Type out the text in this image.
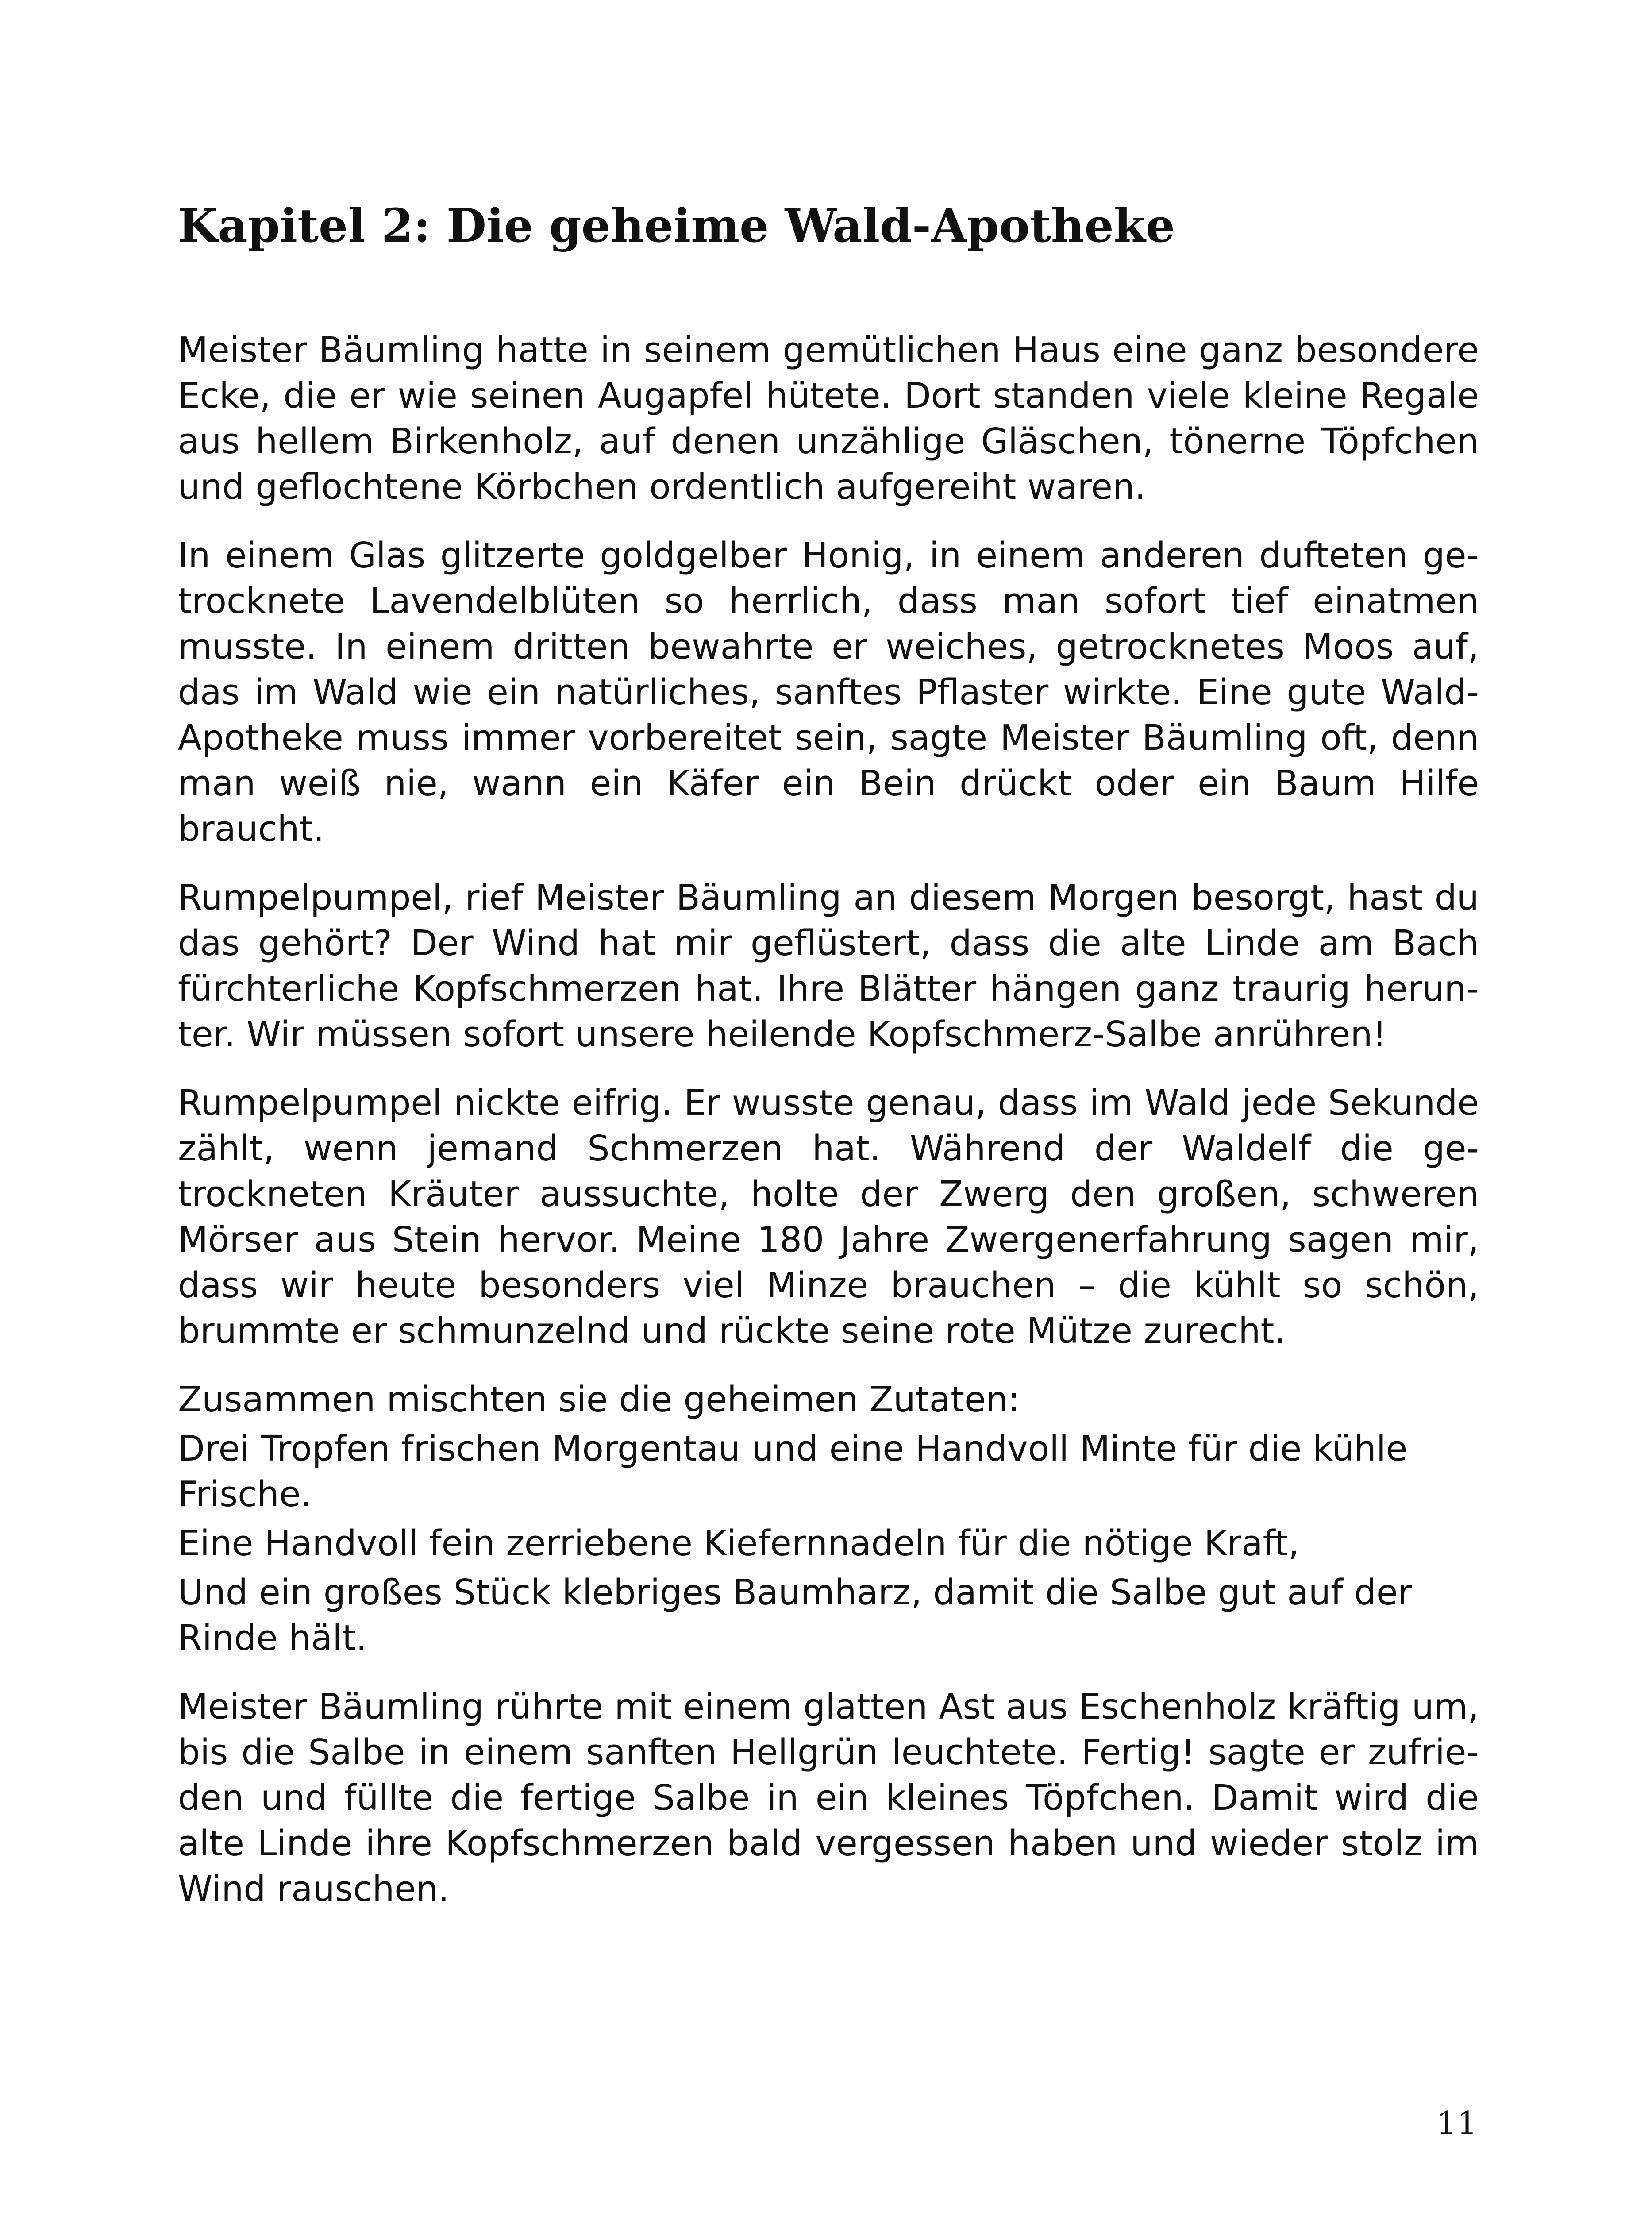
Kapitel 2: Die geheime Wald-Apotheke

Meister Bäumling hatte in seinem gemütlichen Haus eine ganz besondere Ecke, die er wie seinen Augapfel hütete. Dort standen viele kleine Regale aus hellem Birkenholz, auf denen unzählige Gläschen, tönerne Töpfchen und geflochtene Körbchen ordentlich aufgereiht waren.

In einem Glas glitzerte goldgelber Honig, in einem anderen dufteten getrocknete Lavendelblüten so herrlich, dass man sofort tief einatmen musste. In einem dritten bewahrte er weiches, getrocknetes Moos auf, das im Wald wie ein natürliches, sanftes Pflaster wirkte. Eine gute Wald-Apotheke muss immer vorbereitet sein, sagte Meister Bäumling oft, denn man weiß nie, wann ein Käfer ein Bein drückt oder ein Baum Hilfe braucht.

Rumpelpumpel, rief Meister Bäumling an diesem Morgen besorgt, hast du das gehört? Der Wind hat mir geflüstert, dass die alte Linde am Bach fürchterliche Kopfschmerzen hat. Ihre Blätter hängen ganz traurig herunter. Wir müssen sofort unsere heilende Kopfschmerz-Salbe anrühren!

Rumpelpumpel nickte eifrig. Er wusste genau, dass im Wald jede Sekunde zählt, wenn jemand Schmerzen hat. Während der Waldelf die getrockneten Kräuter aussuchte, holte der Zwerg den großen, schweren Mörser aus Stein hervor. Meine 180 Jahre Zwergenerfahrung sagen mir, dass wir heute besonders viel Minze brauchen – die kühlt so schön, brummte er schmunzelnd und rückte seine rote Mütze zurecht.

Zusammen mischten sie die geheimen Zutaten:
Drei Tropfen frischen Morgentau und eine Handvoll Minte für die kühle Frische.
Eine Handvoll fein zerriebene Kiefernnadeln für die nötige Kraft,
Und ein großes Stück klebriges Baumharz, damit die Salbe gut auf der Rinde hält.

Meister Bäumling rührte mit einem glatten Ast aus Eschenholz kräftig um, bis die Salbe in einem sanften Hellgrün leuchtete. Fertig! sagte er zufrieden und füllte die fertige Salbe in ein kleines Töpfchen. Damit wird die alte Linde ihre Kopfschmerzen bald vergessen haben und wieder stolz im Wind rauschen.

11
